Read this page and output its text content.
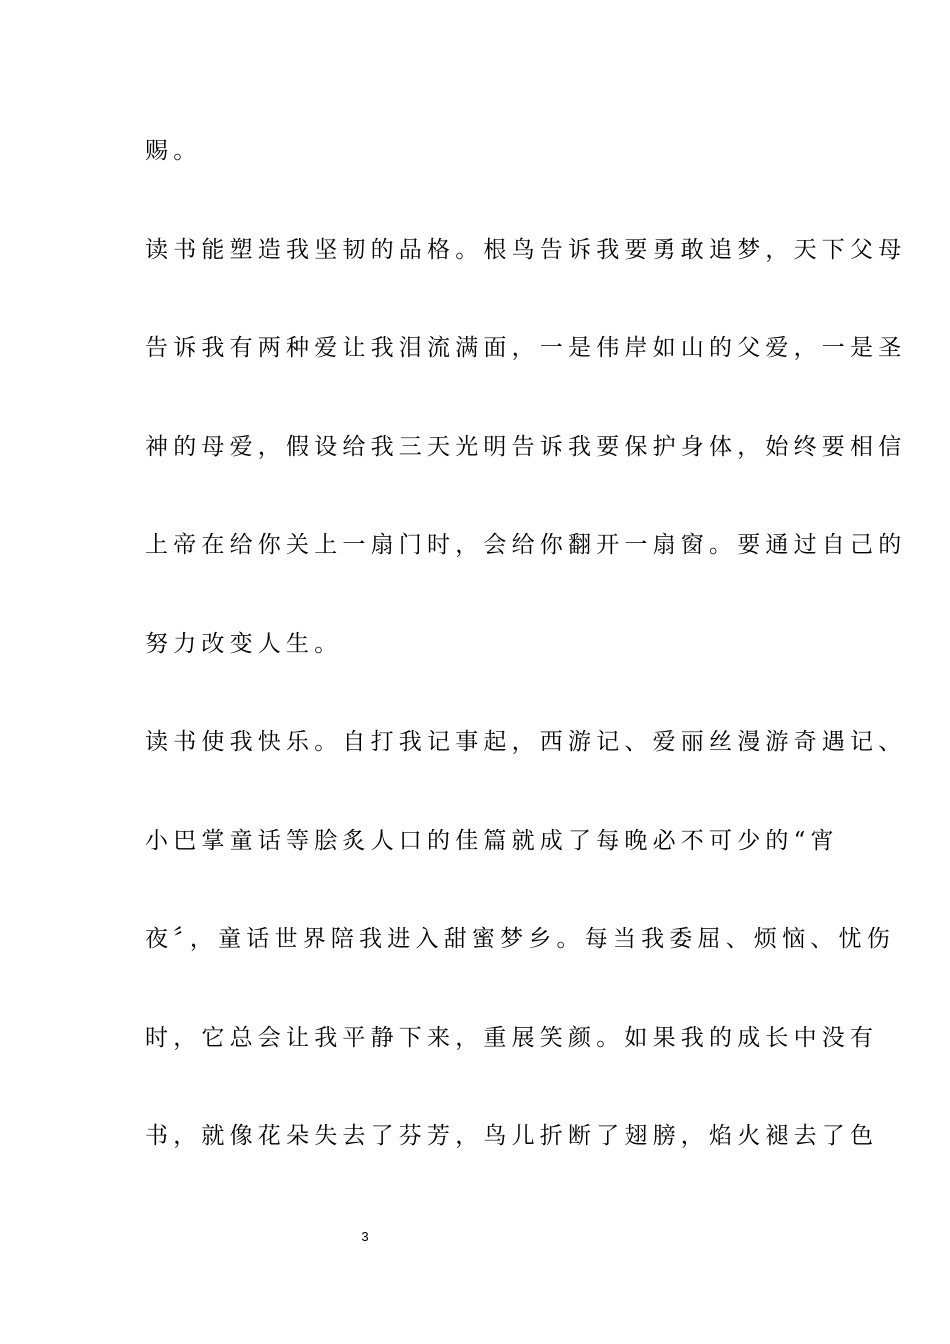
赐。
读书能塑造我坚韧的品格。根鸟告诉我要勇敢追梦，天下父母
告诉我有两种爱让我泪流满面，一是伟岸如山的父爱，一是圣
神的母爱，假设给我三天光明告诉我要保护身体，始终要相信
上帝在给你关上一扇门时，会给你翻开一扇窗。要通过自己的
努力改变人生。
读书使我快乐。自打我记事起，西游记、爱丽丝漫游奇遇记、
小巴掌童话等脍炙人口的佳篇就成了每晚必不可少的“宵
夜〞，童话世界陪我进入甜蜜梦乡。每当我委屈、烦恼、忧伤
时，它总会让我平静下来，重展笑颜。如果我的成长中没有
书，就像花朵失去了芬芳，鸟儿折断了翅膀，焰火褪去了色
3
